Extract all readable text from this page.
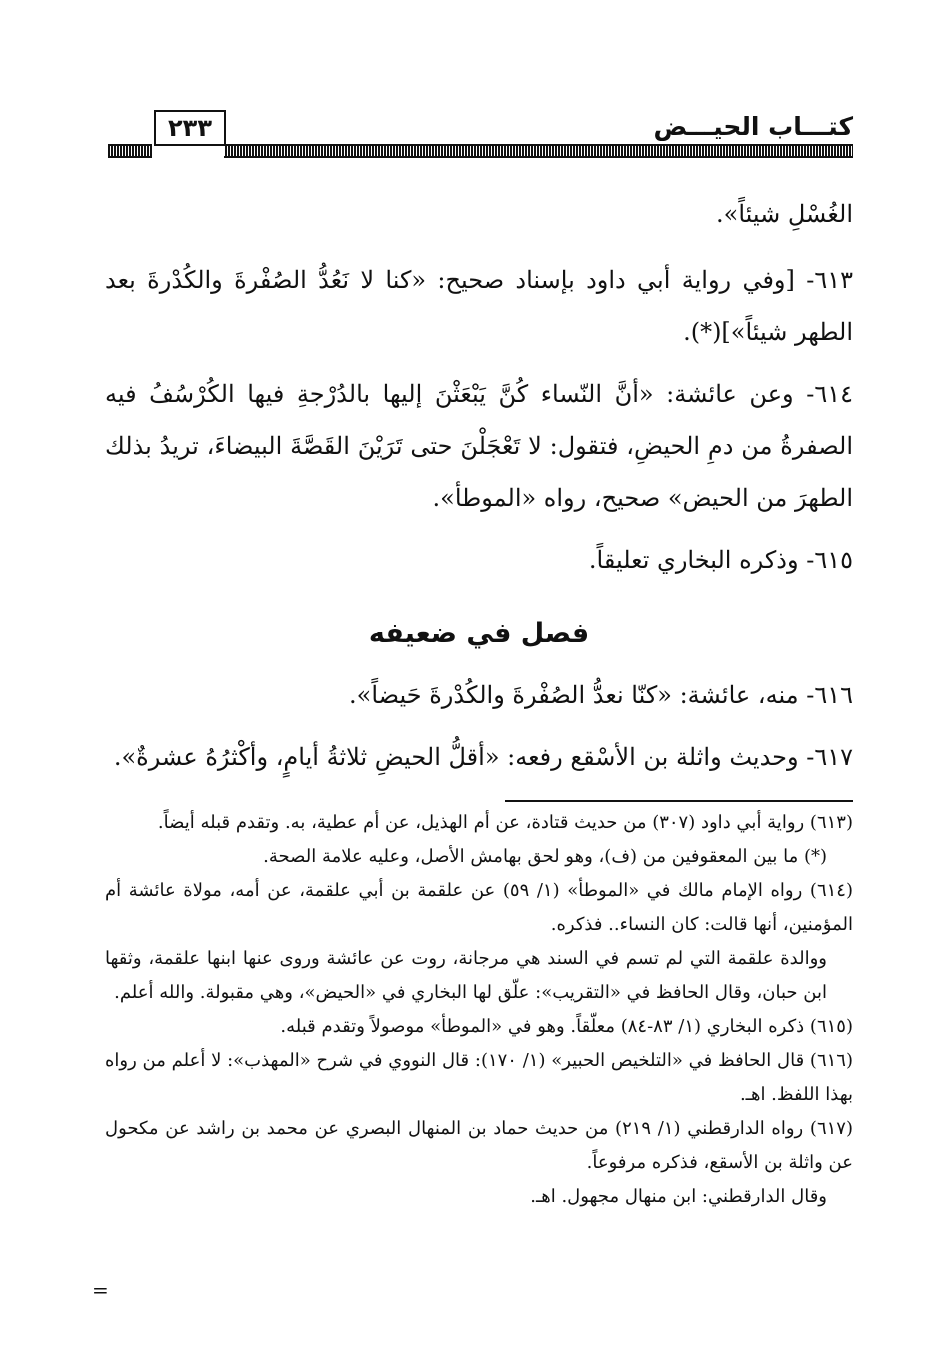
كتـــاب الحيـــض
٢٣٣

الغُسْلِ شيئاً».

٦١٣- [وفي رواية أبي داود بإسناد صحيح: «كنا لا نَعُدُّ الصُفْرةَ والكُدْرةَ بعد الطهر شيئاً»](*).

٦١٤- وعن عائشة: «أنَّ النّساء كُنَّ يَبْعَثْنَ إليها بالدُرْجةِ فيها الكُرْسُفُ فيه الصفرةُ من دمِ الحيضِ، فتقول: لا تَعْجَلْنَ حتى تَرَيْنَ القَصَّةَ البيضاءَ، تريدُ بذلك الطهرَ من الحيض» صحيح، رواه «الموطأ».

٦١٥- وذكره البخاري تعليقاً.

فصل في ضعيفه

٦١٦- منه، عائشة: «كنّا نعدُّ الصُفْرةَ والكُدْرةَ حَيضاً».

٦١٧- وحديث واثلة بن الأسْقع رفعه: «أقلُّ الحيضِ ثلاثةُ أيامٍ، وأكْثرُهُ عشرةٌ».

(٦١٣) رواية أبي داود (٣٠٧) من حديث قتادة، عن أم الهذيل، عن أم عطية، به. وتقدم قبله أيضاً.

(*) ما بين المعقوفين من (ف)، وهو لحق بهامش الأصل، وعليه علامة الصحة.

(٦١٤) رواه الإمام مالك في «الموطأ» (١/ ٥٩) عن علقمة بن أبي علقمة، عن أمه، مولاة عائشة أم المؤمنين، أنها قالت: كان النساء.. فذكره.

ووالدة علقمة التي لم تسم في السند هي مرجانة، روت عن عائشة وروى عنها ابنها علقمة، وثقها ابن حبان، وقال الحافظ في «التقريب»: علّق لها البخاري في «الحيض»، وهي مقبولة. والله أعلم.

(٦١٥) ذكره البخاري (١/ ٨٣-٨٤) معلّقاً. وهو في «الموطأ» موصولاً وتقدم قبله.

(٦١٦) قال الحافظ في «التلخيص الحبير» (١/ ١٧٠): قال النووي في شرح «المهذب»: لا أعلم من رواه بهذا اللفظ. اهـ.

(٦١٧) رواه الدارقطني (١/ ٢١٩) من حديث حماد بن المنهال البصري عن محمد بن راشد عن مكحول عن واثلة بن الأسقع، فذكره مرفوعاً.

وقال الدارقطني: ابن منهال مجهول. اهـ.

=
